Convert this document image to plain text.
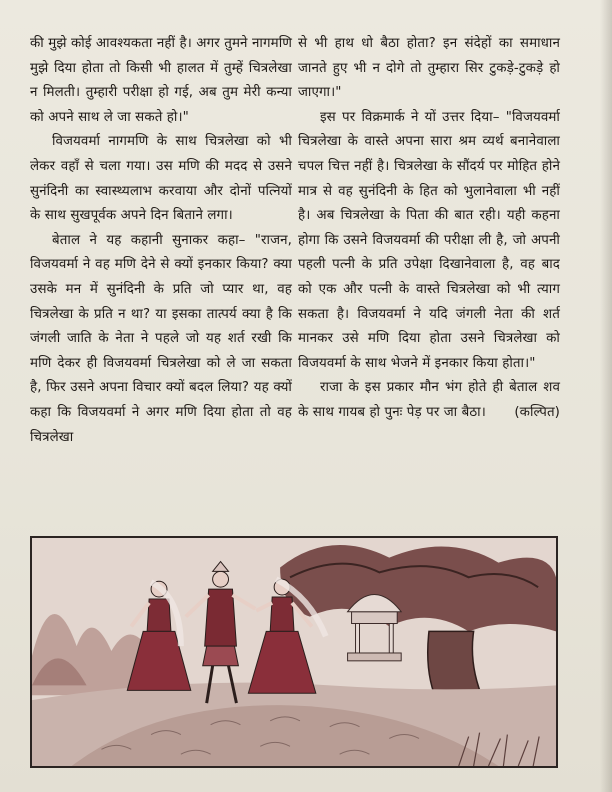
की मुझे कोई आवश्यकता नहीं है। अगर तुमने नागमणि मुझे दिया होता तो किसी भी हालत में तुम्हें चित्रलेखा न मिलती। तुम्हारी परीक्षा हो गई, अब तुम मेरी कन्या को अपने साथ ले जा सकते हो।"

विजयवर्मा नागमणि के साथ चित्रलेखा को भी लेकर वहाँ से चला गया। उस मणि की मदद से उसने सुनंदिनी का स्वास्थ्यलाभ करवाया और दोनों पत्नियों के साथ सुखपूर्वक अपने दिन बिताने लगा।

बेताल ने यह कहानी सुनाकर कहा– "राजन, विजयवर्मा ने वह मणि देने से क्यों इनकार किया? क्या उसके मन में सुनंदिनी के प्रति जो प्यार था, वह चित्रलेखा के प्रति न था? या इसका तात्पर्य क्या है कि जंगली जाति के नेता ने पहले जो यह शर्त रखी कि मणि देकर ही विजयवर्मा चित्रलेखा को ले जा सकता है, फिर उसने अपना विचार क्यों बदल लिया? यह क्यों कहा कि विजयवर्मा ने अगर मणि दिया होता तो वह चित्रलेखा

से भी हाथ धो बैठा होता? इन संदेहों का समाधान जानते हुए भी न दोगे तो तुम्हारा सिर टुकड़े-टुकड़े हो जाएगा।"

इस पर विक्रमार्क ने यों उत्तर दिया– "विजयवर्मा चित्रलेखा के वास्ते अपना सारा श्रम व्यर्थ बनानेवाला चपल चित्त नहीं है। चित्रलेखा के सौंदर्य पर मोहित होने मात्र से वह सुनंदिनी के हित को भुलानेवाला भी नहीं है। अब चित्रलेखा के पिता की बात रही। यही कहना होगा कि उसने विजयवर्मा की परीक्षा ली है, जो अपनी पहली पत्नी के प्रति उपेक्षा दिखानेवाला है, वह बाद को एक और पत्नी के वास्ते चित्रलेखा को भी त्याग सकता है। विजयवर्मा ने यदि जंगली नेता की शर्त मानकर उसे मणि दिया होता उसने चित्रलेखा को विजयवर्मा के साथ भेजने में इनकार किया होता।"

राजा के इस प्रकार मौन भंग होते ही बेताल शव के साथ गायब हो पुनः पेड़ पर जा बैठा।	(कल्पित)
